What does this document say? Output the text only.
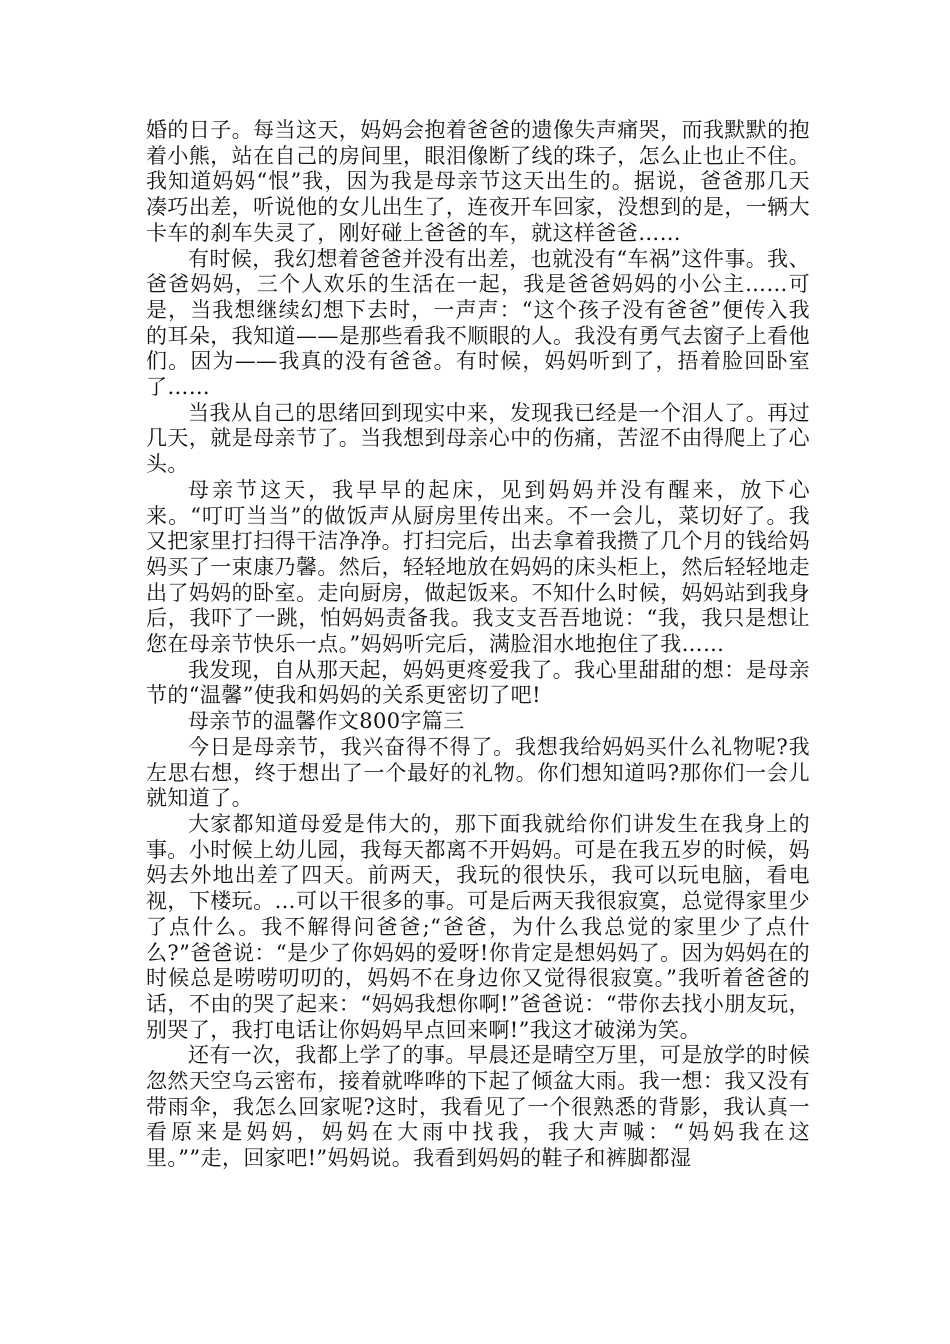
婚的日子。每当这天，妈妈会抱着爸爸的遗像失声痛哭，而我默默的抱着小熊，站在自己的房间里，眼泪像断了线的珠子，怎么止也止不住。我知道妈妈“恨”我，因为我是母亲节这天出生的。据说，爸爸那几天凑巧出差，听说他的女儿出生了，连夜开车回家，没想到的是，一辆大卡车的刹车失灵了，刚好碰上爸爸的车，就这样爸爸……

有时候，我幻想着爸爸并没有出差，也就没有“车祸”这件事。我、爸爸妈妈，三个人欢乐的生活在一起，我是爸爸妈妈的小公主……可是，当我想继续幻想下去时，一声声：“这个孩子没有爸爸”便传入我的耳朵，我知道——是那些看我不顺眼的人。我没有勇气去窗子上看他们。因为——我真的没有爸爸。有时候，妈妈听到了，捂着脸回卧室了……

当我从自己的思绪回到现实中来，发现我已经是一个泪人了。再过几天，就是母亲节了。当我想到母亲心中的伤痛，苦涩不由得爬上了心头。

母亲节这天，我早早的起床，见到妈妈并没有醒来，放下心来。“叮叮当当”的做饭声从厨房里传出来。不一会儿，菜切好了。我又把家里打扫得干洁净净。打扫完后，出去拿着我攒了几个月的钱给妈妈买了一束康乃馨。然后，轻轻地放在妈妈的床头柜上，然后轻轻地走出了妈妈的卧室。走向厨房，做起饭来。不知什么时候，妈妈站到我身后，我吓了一跳，怕妈妈责备我。我支支吾吾地说：“我，我只是想让您在母亲节快乐一点。”妈妈听完后，满脸泪水地抱住了我……

我发现，自从那天起，妈妈更疼爱我了。我心里甜甜的想：是母亲节的“温馨”使我和妈妈的关系更密切了吧!

母亲节的温馨作文800字篇三

今日是母亲节，我兴奋得不得了。我想我给妈妈买什么礼物呢?我左思右想，终于想出了一个最好的礼物。你们想知道吗?那你们一会儿就知道了。

大家都知道母爱是伟大的，那下面我就给你们讲发生在我身上的事。小时候上幼儿园，我每天都离不开妈妈。可是在我五岁的时候，妈妈去外地出差了四天。前两天，我玩的很快乐，我可以玩电脑，看电视，下楼玩。…可以干很多的事。可是后两天我很寂寞，总觉得家里少了点什么。我不解得问爸爸;“爸爸，为什么我总觉的家里少了点什么?”爸爸说：“是少了你妈妈的爱呀!你肯定是想妈妈了。因为妈妈在的时候总是唠唠叨叨的，妈妈不在身边你又觉得很寂寞。”我听着爸爸的话，不由的哭了起来：“妈妈我想你啊!”爸爸说：“带你去找小朋友玩，别哭了，我打电话让你妈妈早点回来啊!”我这才破涕为笑。

还有一次，我都上学了的事。早晨还是晴空万里，可是放学的时候忽然天空乌云密布，接着就哗哗的下起了倾盆大雨。我一想：我又没有带雨伞，我怎么回家呢?这时，我看见了一个很熟悉的背影，我认真一看原来是妈妈，妈妈在大雨中找我，我大声喊：“妈妈我在这里。””走，回家吧!”妈妈说。我看到妈妈的鞋子和裤脚都湿
